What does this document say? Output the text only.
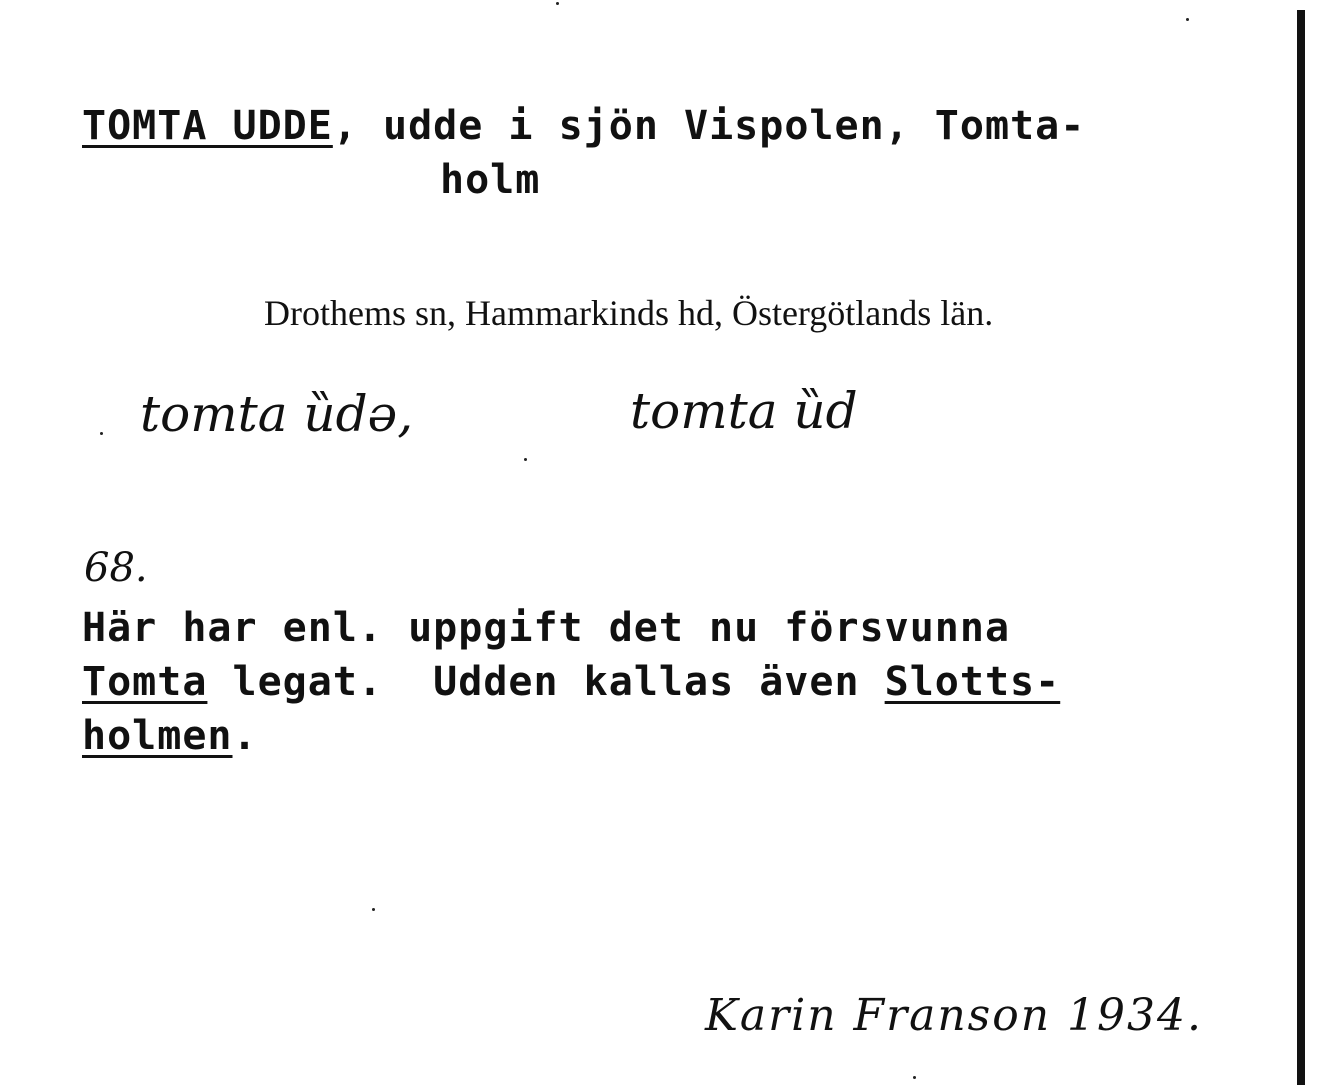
TOMTA UDDE, udde i sjön Vispolen, Tomta-
holm
Drothems sn, Hammarkinds hd, Östergötlands län.
tomta ȕdə,	tomta ȕd
68.
Här har enl. uppgift det nu försvunna
Tomta legat.  Udden kallas även Slotts-
holmen.
Karin Franson 1934.
